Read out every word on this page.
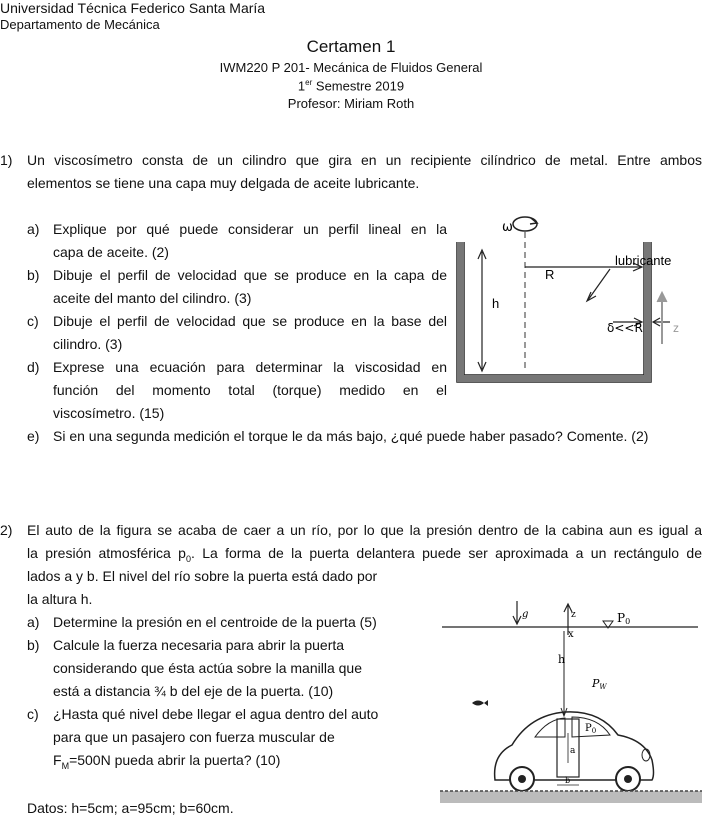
Universidad Técnica Federico Santa María
Departamento de Mecánica
Certamen 1
IWM220 P 201- Mecánica de Fluidos General
1er Semestre 2019
Profesor: Miriam Roth
1) Un viscosímetro consta de un cilindro que gira en un recipiente cilíndrico de metal. Entre ambos
elementos se tiene una capa muy delgada de aceite lubricante.
a) Explique por qué puede considerar un perfil lineal en la
capa de aceite. (2)
b) Dibuje el perfil de velocidad que se produce en la capa de
aceite del manto del cilindro. (3)
c) Dibuje el perfil de velocidad que se produce en la base del
cilindro. (3)
d) Exprese una ecuación para determinar la viscosidad en
función del momento total (torque) medido en el
viscosímetro. (15)
e) Si en una segunda medición el torque le da más bajo, ¿qué puede haber pasado? Comente. (2)
ω
R
h
lubricante
δ<<R	z
2) El auto de la figura se acaba de caer a un río, por lo que la presión dentro de la cabina aun es igual a
la presión atmosférica $p_0$. La forma de la puerta delantera puede ser aproximada a un rectángulo de
lados a y b. El nivel del río sobre la puerta está dado por
la altura h.
a) Determine la presión en el centroide de la puerta (5)
b) Calcule la fuerza necesaria para abrir la puerta
considerando que ésta actúa sobre la manilla que
está a distancia ¾ b del eje de la puerta. (10)
c) ¿Hasta qué nivel debe llegar el agua dentro del auto
para que un pasajero con fuerza muscular de
$F_M=500N$ pueda abrir la puerta? (10)
Datos: h=5cm; a=95cm; b=60cm.
g	z
x
P0
PW
h
$P_0$
a
b
